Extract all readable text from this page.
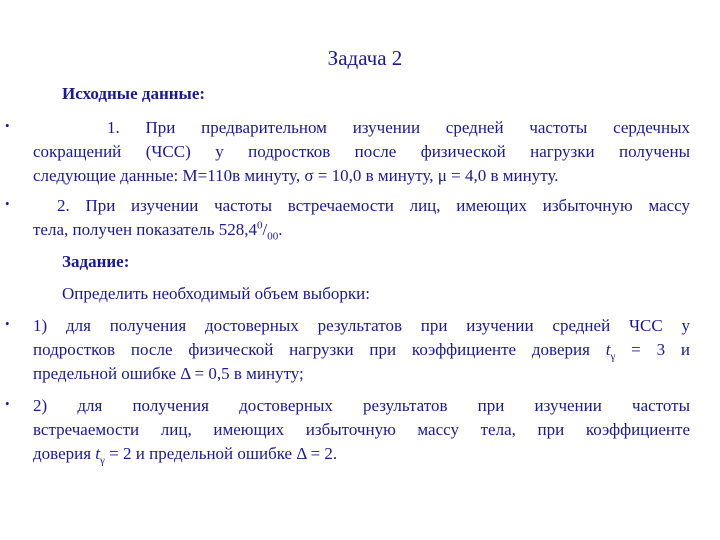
Задача 2
Исходные данные:
•	1. При предварительном изучении средней частоты сердечных
сокращений (ЧСС) у подростков после физической нагрузки получены
следующие данные: М=110в минуту, σ = 10,0 в минуту, μ = 4,0 в минуту.
•	2. При изучении частоты встречаемости лиц, имеющих избыточную массу
тела, получен показатель $528,4^0/_{00}$.
Задание:
Определить необходимый объем выборки:
• 1) для получения достоверных результатов при изучении средней ЧСС у
подростков после физической нагрузки при коэффициенте доверия $t_\gamma = 3$ и
предельной ошибке Δ = 0,5 в минуту;
• 2) для получения достоверных результатов при изучении частоты
встречаемости лиц, имеющих избыточную массу тела, при коэффициенте
доверия $t_\gamma = 2$ и предельной ошибке Δ = 2.
